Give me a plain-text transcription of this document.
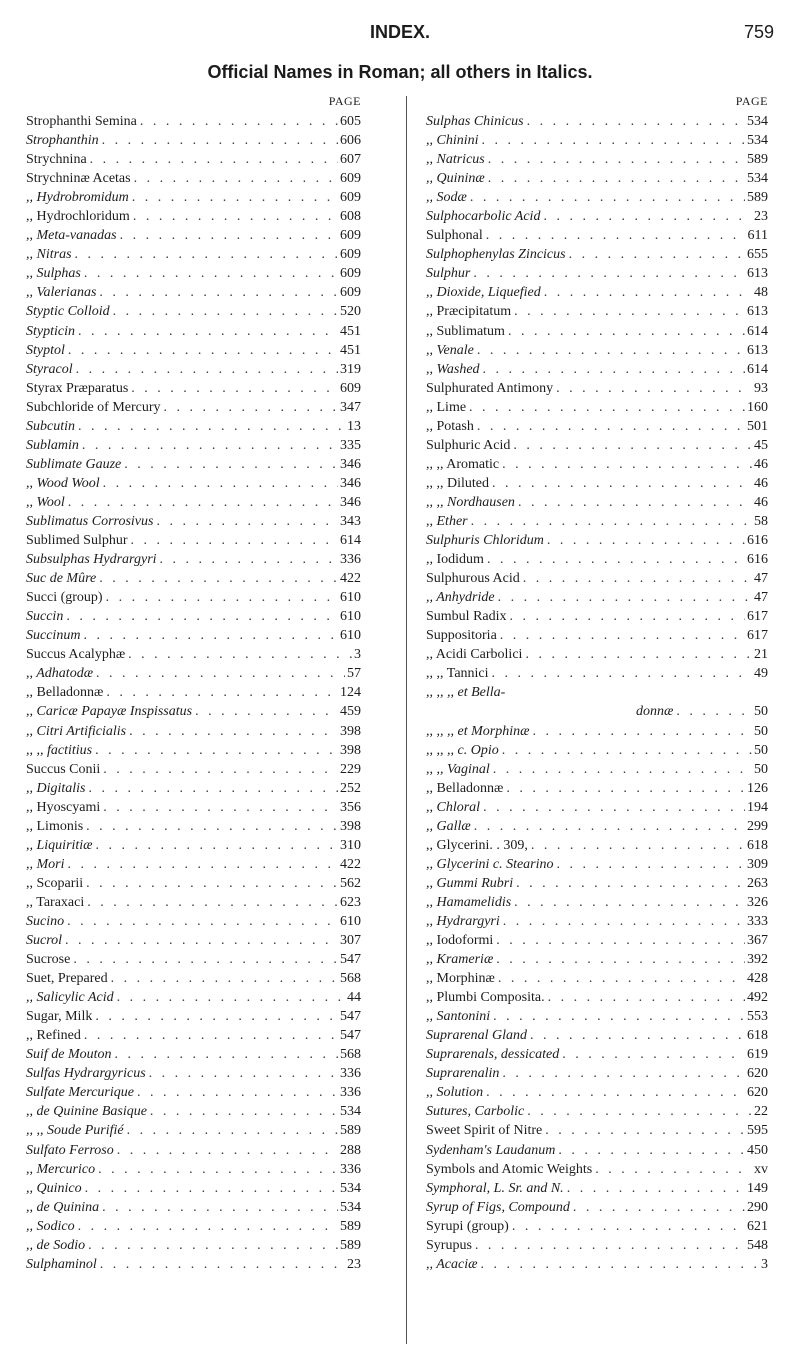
INDEX.	759
Official Names in Roman; all others in Italics.
PAGE
Strophanthi Semina . . .	605
Strophanthin . . .	606
Strychnina . . .	607
Strychninæ Acetas . . .	609
,, Hydrobromidum . . .	609
,, Hydrochloridum . . .	608
,, Meta-vanadas . . .	609
,, Nitras . . .	609
,, Sulphas . . .	609
,, Valerianas . . .	609
Styptic Colloid . . .	520
Stypticin . . .	451
Styptol . . .	451
Styracol . . .	319
Styrax Præparatus . . .	609
Subchloride of Mercury . . .	347
Subcutin . . .	13
Sublamin . . .	335
Sublimate Gauze . . .	346
,, Wood Wool . . .	346
,, Wool . . .	346
Sublimatus Corrosivus . . .	343
Sublimed Sulphur . . .	614
Subsulphas Hydrargyri . . .	336
Suc de Mûre . . .	422
Succi (group) . . .	610
Succin . . .	610
Succinum . . .	610
Succus Acalyphæ . . .	3
,, Adhatodæ . . .	57
,, Belladonnæ . . .	124
,, Caricæ Papayæ Inspissatus . . .	459
,, Citri Artificialis . . .	398
,, ,, factitius . . .	398
Succus Conii . . .	229
,, Digitalis . . .	252
,, Hyoscyami . . .	356
,, Limonis . . .	398
,, Liquiritiæ . . .	310
,, Mori . . .	422
,, Scoparii . . .	562
,, Taraxaci . . .	623
Sucino . . .	610
Sucrol . . .	307
Sucrose . . .	547
Suet, Prepared . . .	568
,, Salicylic Acid . . .	44
Sugar, Milk . . .	547
,, Refined . . .	547
Suif de Mouton . . .	568
Sulfas Hydrargyricus . . .	336
Sulfate Mercurique . . .	336
,, de Quinine Basique . . .	534
,, ,, Soude Purifié . . .	589
Sulfato Ferroso . . .	288
,, Mercurico . . .	336
,, Quinico . . .	534
,, de Quinina . . .	534
,, Sodico . . .	589
,, de Sodio . . .	589
Sulphaminol . . .	23
PAGE
Sulphas Chinicus . . .	534
,, Chinini . . .	534
,, Natricus . . .	589
,, Quininæ . . .	534
,, Sodæ . . .	589
Sulphocarbolic Acid . . .	23
Sulphonal . . .	611
Sulphophenylas Zincicus . . .	655
Sulphur . . .	613
,, Dioxide, Liquefied . . .	48
,, Præcipitatum . . .	613
,, Sublimatum . . .	614
,, Venale . . .	613
,, Washed . . .	614
Sulphurated Antimony . . .	93
,, Lime . . .	160
,, Potash . . .	501
Sulphuric Acid . . .	45
,, ,, Aromatic . . .	46
,, ,, Diluted . . .	46
,, ,, Nordhausen . . .	46
,, Ether . . .	58
Sulphuris Chloridum . . .	616
,, Iodidum . . .	616
Sulphurous Acid . . .	47
,, Anhydride . . .	47
Sumbul Radix . . .	617
Suppositoria . . .	617
,, Acidi Carbolici . . .	21
,, ,, Tannici . . .	49
,, ,, ,, et Bella-
donnæ . . .	50
,, ,, ,, et Morphinæ . . .	50
,, ,, ,, c. Opio . . .	50
,, ,, Vaginal . . .	50
,, Belladonnæ . . .	126
,, Chloral . . .	194
,, Gallæ . . .	299
,, Glycerini. . 309, . . .	618
,, Glycerini c. Stearino . . .	309
,, Gummi Rubri . . .	263
,, Hamamelidis . . .	326
,, Hydrargyri . . .	333
,, Iodoformi . . .	367
,, Krameriæ . . .	392
,, Morphinæ . . .	428
,, Plumbi Composita. . . .	492
,, Santonini . . .	553
Suprarenal Gland . . .	618
Suprarenals, dessicated . . .	619
Suprarenalin . . .	620
,, Solution . . .	620
Sutures, Carbolic . . .	22
Sweet Spirit of Nitre . . .	595
Sydenham's Laudanum . . .	450
Symbols and Atomic Weights . . .	xv
Symphoral, L. Sr. and N. . . .	149
Syrup of Figs, Compound . . .	290
Syrupi (group) . . .	621
Syrupus . . .	548
,, Acaciæ . . .	3
